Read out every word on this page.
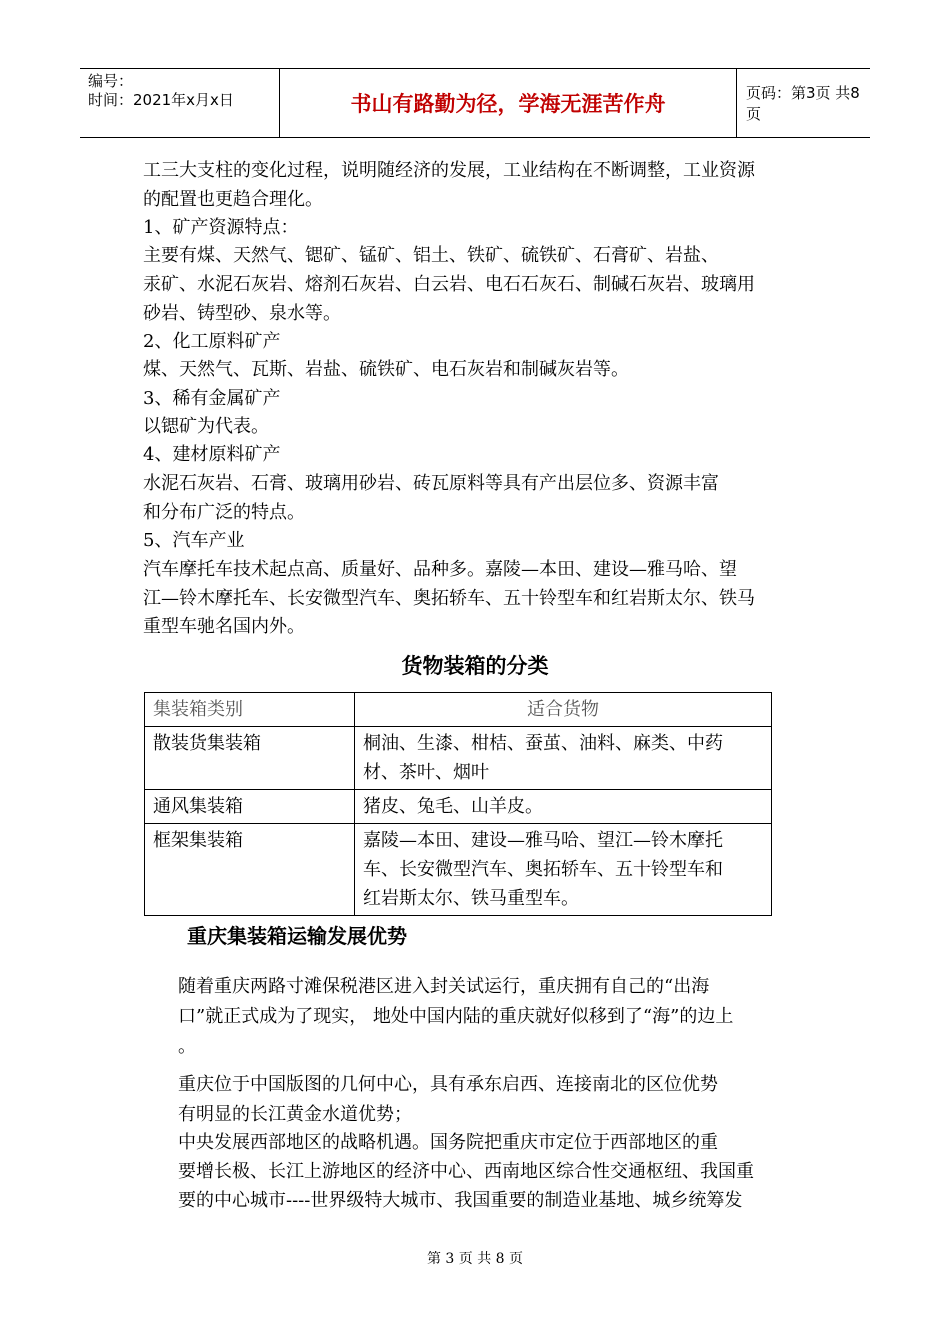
编号：
时间：2021年x月x日	书山有路勤为径，学海无涯苦作舟	页码：第3页 共8页

工三大支柱的变化过程，说明随经济的发展，工业结构在不断调整，工业资源

的配置也更趋合理化。

1、矿产资源特点：

主要有煤、天然气、锶矿、锰矿、铝土、铁矿、硫铁矿、石膏矿、岩盐、

汞矿、水泥石灰岩、熔剂石灰岩、白云岩、电石石灰石、制碱石灰岩、玻璃用

砂岩、铸型砂、泉水等。

2、化工原料矿产

煤、天然气、瓦斯、岩盐、硫铁矿、电石灰岩和制碱灰岩等。

3、稀有金属矿产

以锶矿为代表。

4、建材原料矿产

水泥石灰岩、石膏、玻璃用砂岩、砖瓦原料等具有产出层位多、资源丰富

和分布广泛的特点。

5、汽车产业

汽车摩托车技术起点高、质量好、品种多。嘉陵—本田、建设—雅马哈、望

江—铃木摩托车、长安微型汽车、奥拓轿车、五十铃型车和红岩斯太尔、铁马

重型车驰名国内外。

货物装箱的分类
集装箱类别	适合货物
散装货集装箱	桐油、生漆、柑桔、蚕茧、油料、麻类、中药
材、茶叶、烟叶

通风集装箱	猪皮、兔毛、山羊皮。

框架集装箱	嘉陵—本田、建设—雅马哈、望江—铃木摩托
车、长安微型汽车、奥拓轿车、五十铃型车和
红岩斯太尔、铁马重型车。
重庆集装箱运输发展优势

随着重庆两路寸滩保税港区进入封关试运行，重庆拥有自己的“出海

口”就正式成为了现实， 地处中国内陆的重庆就好似移到了“海”的边上

。

重庆位于中国版图的几何中心，具有承东启西、连接南北的区位优势

有明显的长江黄金水道优势；

中央发展西部地区的战略机遇。国务院把重庆市定位于西部地区的重

要增长极、长江上游地区的经济中心、西南地区综合性交通枢纽、我国重

要的中心城市----世界级特大城市、我国重要的制造业基地、城乡统筹发

第 3 页 共 8 页
